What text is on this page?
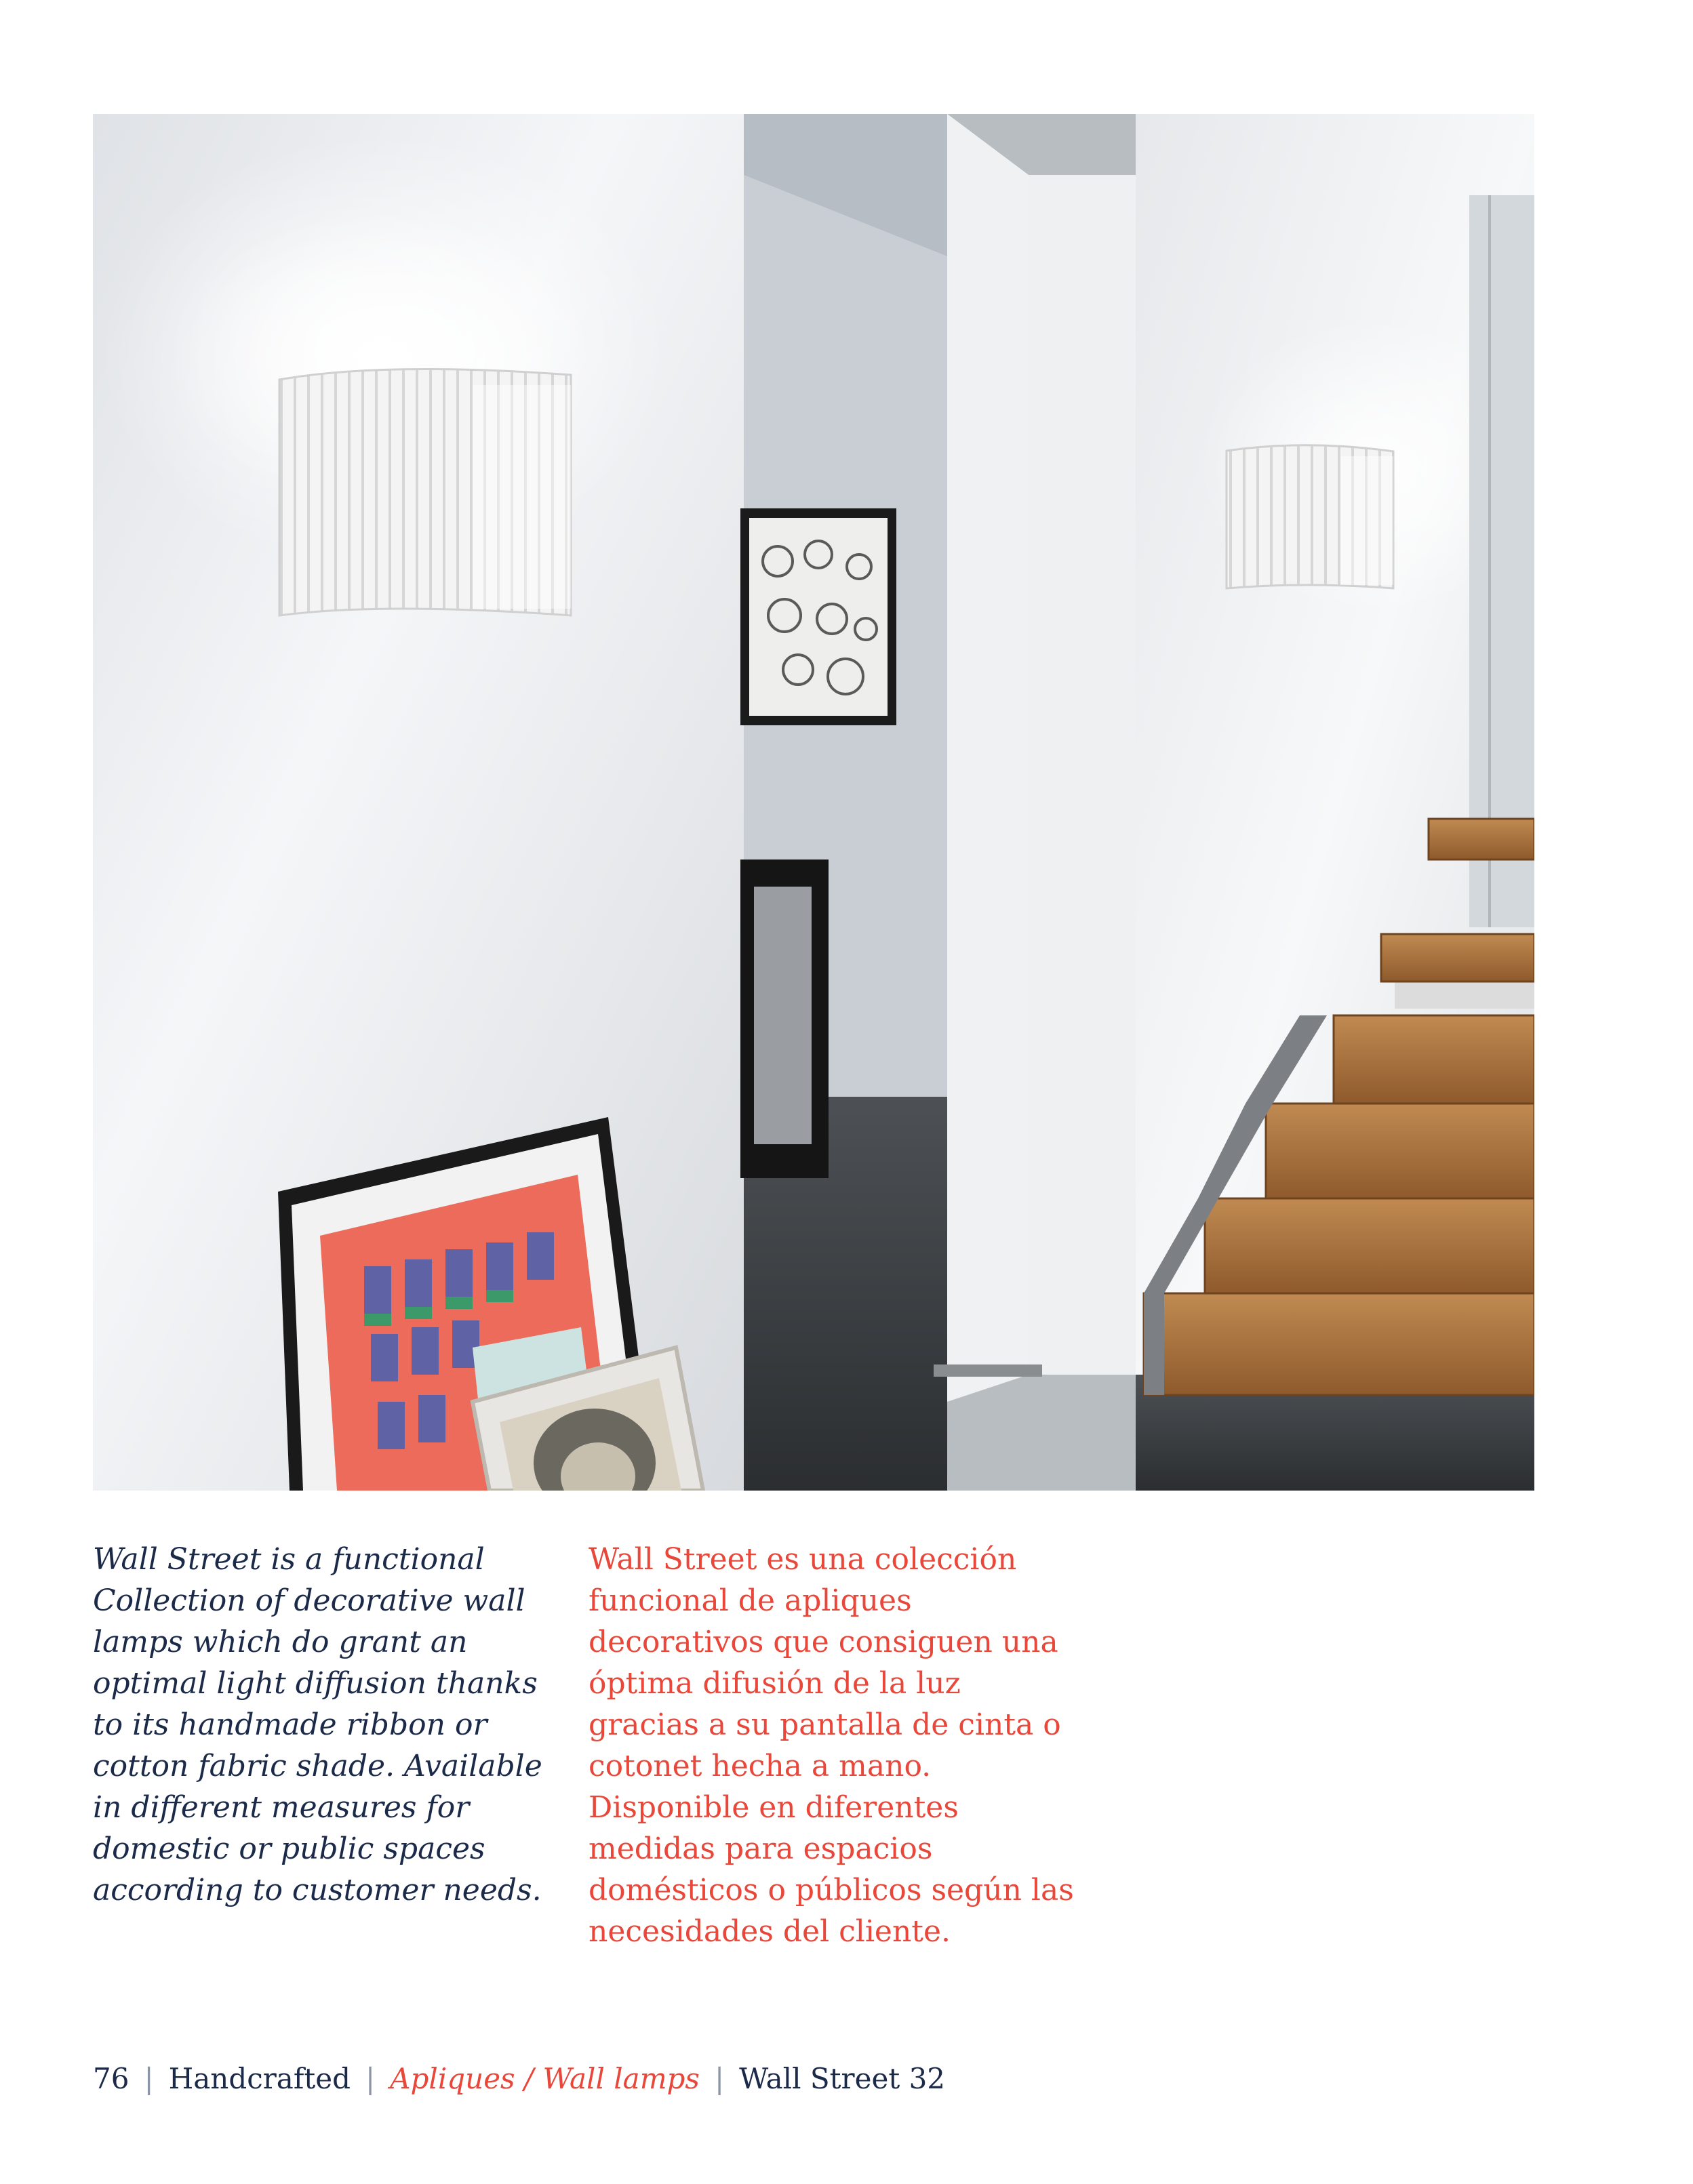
Wall Street is a functional Collection of decorative wall lamps which do grant an optimal light diffusion thanks to its handmade ribbon or cotton fabric shade. Available in different measures for domestic or public spaces according to customer needs.

Wall Street es una colección funcional de apliques decorativos que consiguen una óptima difusión de la luz gracias a su pantalla de cinta o cotonet hecha a mano. Disponible en diferentes medidas para espacios domésticos o públicos según las necesidades del cliente.

76 | Handcrafted | Apliques / Wall lamps | Wall Street 32
